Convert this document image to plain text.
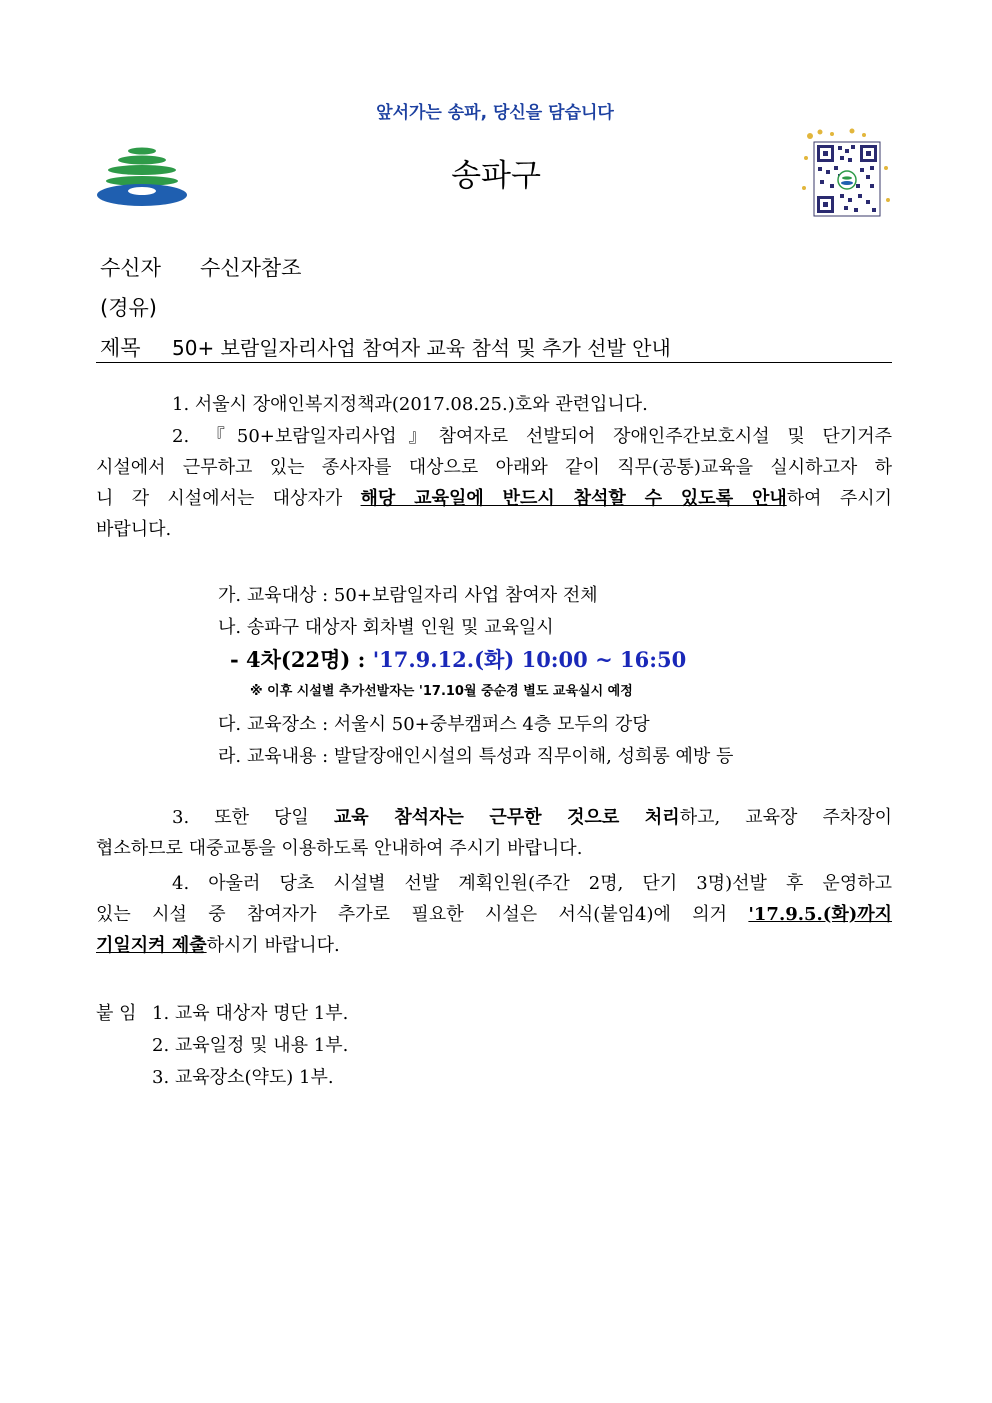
앞서가는 송파, 당신을 담습니다
송파구
수신자 수신자참조
(경유)
제목 50+ 보람일자리사업 참여자 교육 참석 및 추가 선발 안내
1. 서울시 장애인복지정책과(2017.08.25.)호와 관련입니다.
2. 『50+보람일자리사업』참여자로 선발되어 장애인주간보호시설 및 단기거주
시설에서 근무하고 있는 종사자를 대상으로 아래와 같이 직무(공통)교육을 실시하고자 하
니 각 시설에서는 대상자가 해당 교육일에 반드시 참석할 수 있도록 안내하여 주시기
바랍니다.
가. 교육대상 : 50+보람일자리 사업 참여자 전체
나. 송파구 대상자 회차별 인원 및 교육일시
- 4차(22명) : '17.9.12.(화) 10:00 ~ 16:50
※ 이후 시설별 추가선발자는 '17.10월 중순경 별도 교육실시 예정
다. 교육장소 : 서울시 50+중부캠퍼스 4층 모두의 강당
라. 교육내용 : 발달장애인시설의 특성과 직무이해, 성희롱 예방 등
3. 또한 당일 교육 참석자는 근무한 것으로 처리하고, 교육장 주차장이
협소하므로 대중교통을 이용하도록 안내하여 주시기 바랍니다.
4. 아울러 당초 시설별 선발 계획인원(주간 2명, 단기 3명)선발 후 운영하고
있는 시설 중 참여자가 추가로 필요한 시설은 서식(붙임4)에 의거 '17.9.5.(화)까지
기일지켜 제출하시기 바랍니다.
붙 임 1. 교육 대상자 명단 1부.
2. 교육일정 및 내용 1부.
3. 교육장소(약도) 1부.
